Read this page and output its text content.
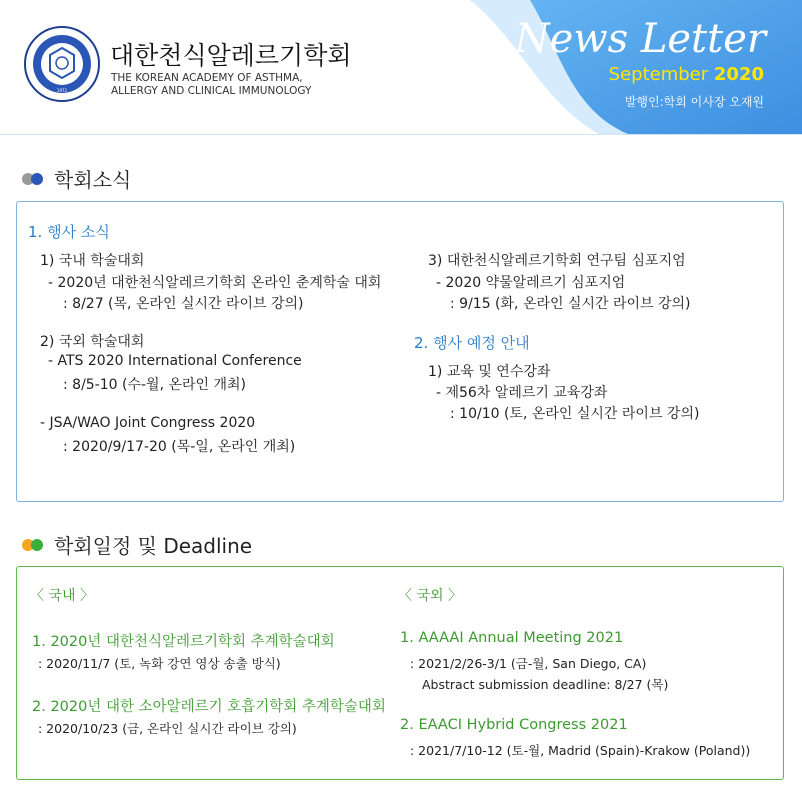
1972
대한천식알레르기학회
THE KOREAN ACADEMY OF ASTHMA,
ALLERGY AND CLINICAL IMMUNOLOGY
News Letter
September 2020
발행인:학회 이사장 오재원
학회소식
1. 행사 소식
1) 국내 학술대회
- 2020년 대한천식알레르기학회 온라인 춘계학술 대회
: 8/27 (목, 온라인 실시간 라이브 강의)
2) 국외 학술대회
- ATS 2020 International Conference
: 8/5-10 (수-월, 온라인 개최)
- JSA/WAO Joint Congress 2020
: 2020/9/17-20 (목-일, 온라인 개최)
3) 대한천식알레르기학회 연구팀 심포지엄
- 2020 약물알레르기 심포지엄
: 9/15 (화, 온라인 실시간 라이브 강의)
2. 행사 예정 안내
1) 교육 및 연수강좌
- 제56차 알레르기 교육강좌
: 10/10 (토, 온라인 실시간 라이브 강의)
학회일정 및 Deadline
〈 국내 〉
1. 2020년 대한천식알레르기학회 추계학술대회
: 2020/11/7 (토, 녹화 강연 영상 송출 방식)
2. 2020년 대한 소아알레르기 호흡기학회 추계학술대회
: 2020/10/23 (금, 온라인 실시간 라이브 강의)
〈 국외 〉
1. AAAAI Annual Meeting 2021
: 2021/2/26-3/1 (금-월, San Diego, CA)
Abstract submission deadline: 8/27 (목)
2. EAACI Hybrid Congress 2021
: 2021/7/10-12 (토-월, Madrid (Spain)-Krakow (Poland))
